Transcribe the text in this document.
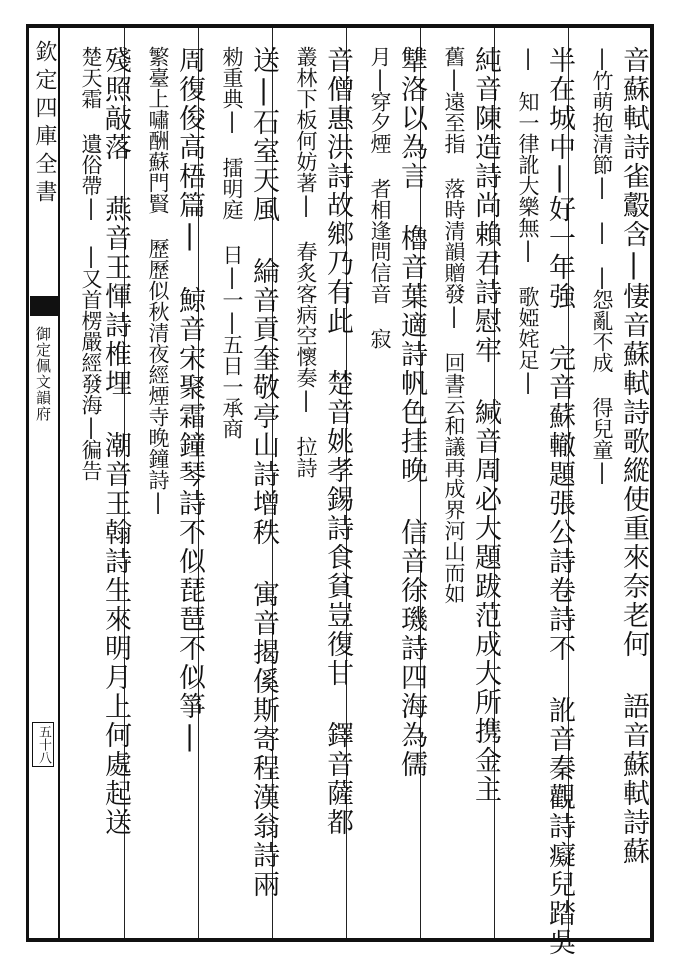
欽定四庫全書
御定佩文韻府
五十八	音蘇軾詩雀鷇含|悽音蘇軾詩歌縱使重來奈老何 語音蘇軾詩蘇
|竹萌抱清節|　|　|怨亂不成 得兒童|
半在城中|好一年強 完音蘇轍題張公詩卷詩不 訛音秦觀詩癡兒踏吳
|　知一律訛大樂無| 歌婭姹足|
純音陳造詩尚賴君詩慰牢 緘音周必大題跋范成大所携金主
舊|遠至指 落時清韻贈發| 回書云和議再成界河山而如
犨洛以為言 櫓音葉適詩帆色挂晚 信音徐璣詩四海為儒
月|穿夕煙 者相逢問信音 寂
音僧惠洪詩故鄉乃有此 楚音姚孝錫詩食貧豈復甘 鐸音薩都
叢林下板何妨著| 春炙客病空懷奏| 拉詩
送|石室天風 綸音貢奎敬亭山詩增秩 寓音揭傒斯寄程漢翁詩兩
勑重典| 擂明庭 日|一|五日一承商
周復俊高梧篇| 鯨音宋聚霜鐘琴詩不似琵琶不似箏|
繁臺上嘯酬蘇門賢 歷歷似秋清夜經煙寺晚鐘詩|
殘照敲落 燕音王惲詩椎埋 潮音王翰詩生來明月上何處起送
楚天霜 遺俗帶| |又首楞嚴經發海|徧告
